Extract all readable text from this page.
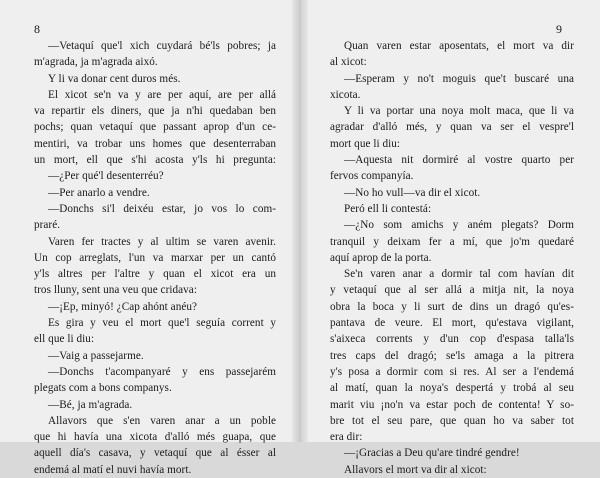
8
—Vetaquí que'l xich cuydará bé'ls pobres; ja
m'agrada, ja m'agrada aixó.
Y li va donar cent duros més.
El xicot se'n va y are per aquí, are per allá
va repartir els diners, que ja n'hi quedaban ben
pochs; quan vetaquí que passant aprop d'un ce-
mentiri, va trobar uns homes que desenterraban
un mort, ell que s'hi acosta y'ls hi pregunta:
—¿Per qué'l desenterréu?
—Per anarlo a vendre.
—Donchs si'l deixéu estar, jo vos lo com-
praré.
Varen fer tractes y al ultim se varen avenir.
Un cop arreglats, l'un va marxar per un cantó
y'ls altres per l'altre y quan el xicot era un
tros lluny, sent una veu que cridava:
—¡Ep, minyó! ¿Cap ahónt anéu?
Es gira y veu el mort que'l seguía corrent y
ell que li diu:
—Vaig a passejarme.
—Donchs t'acompanyaré y ens passejarém
plegats com a bons companys.
—Bé, ja m'agrada.
Allavors que s'en varen anar a un poble
que hi havía una xicota d'alló més guapa, que
aquell día's casava, y vetaquí que al ésser al
endemá al matí el nuvi havía mort.
9
Quan varen estar aposentats, el mort va dir
al xicot:
—Esperam y no't moguis que't buscaré una
xicota.
Y li va portar una noya molt maca, que li va
agradar d'alló més, y quan va ser el vespre'l
mort que li diu:
—Aquesta nit dormiré al vostre quarto per
fervos companyía.
—No ho vull—va dir el xicot.
Peró ell li contestá:
—¿No som amichs y aném plegats? Dorm
tranquil y deixam fer a mí, que jo'm quedaré
aquí aprop de la porta.
Se'n varen anar a dormir tal com havían dit
y vetaquí que al ser allá a mitja nit, la noya
obra la boca y li surt de dins un dragó qu'es-
pantava de veure. El mort, qu'estava vigilant,
s'aixeca corrents y d'un cop d'espasa talla'ls
tres caps del dragó; se'ls amaga a la pitrera
y's posa a dormir com si res. Al ser a l'endemá
al matí, quan la noya's despertá y trobá al seu
marit viu ¡no'n va estar poch de contenta! Y so-
bre tot el seu pare, que quan ho va saber tot
era dir:
—¡Gracias a Deu qu'are tindré gendre!
Allavors el mort va dir al xicot:
